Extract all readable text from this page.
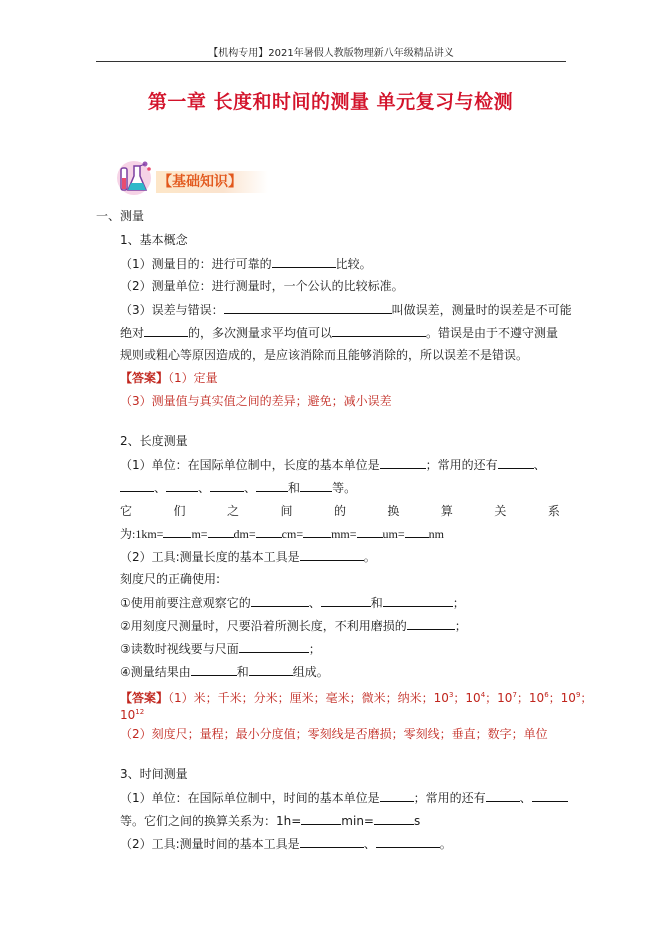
【机构专用】2021年暑假人教版物理新八年级精品讲义
第一章 长度和时间的测量 单元复习与检测
【基础知识】
一、测量
1、基本概念
（1）测量目的：进行可靠的	比较。
（2）测量单位：进行测量时，一个公认的比较标准。
（3）误差与错误：	叫做误差，测量时的误差是不可能
绝对	的，多次测量求平均值可以	。错误是由于不遵守测量
规则或粗心等原因造成的，是应该消除而且能够消除的，所以误差不是错误。
【答案】（1）定量
（3）测量值与真实值之间的差异；避免；减小误差
2、长度测量
（1）单位：在国际单位制中，长度的基本单位是	；常用的还有	、
、	、	、	和	等。
它	们	之	间	的	换	算	关	系
为:1km= m= dm= cm= mm= um= nm
（2）工具:测量长度的基本工具是	。
刻度尺的正确使用:
①使用前要注意观察它的	、	和	；
②用刻度尺测量时，尺要沿着所测长度，不利用磨损的	；
③读数时视线要与尺面	；
④测量结果由	和	组成。
【答案】（1）米；千米；分米；厘米；毫米；微米；纳米；$10^3$；$10^4$；$10^7$；$10^6$；$10^9$；
$10^{12}$
（2）刻度尺；量程；最小分度值；零刻线是否磨损；零刻线；垂直；数字；单位
3、时间测量
（1）单位：在国际单位制中，时间的基本单位是	；常用的还有	、
等。它们之间的换算关系为：1h=	min=	s
（2）工具:测量时间的基本工具是	、	。
